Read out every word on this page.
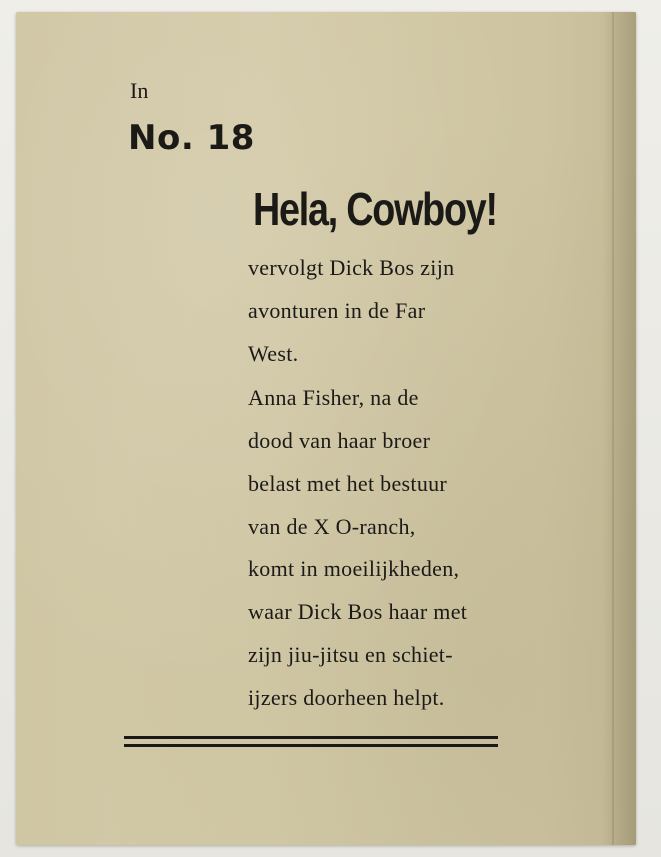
In
No. 18
Hela, Cowboy!
vervolgt Dick Bos zijn
avonturen in de Far
West.
Anna Fisher, na de
dood van haar broer
belast met het bestuur
van de X O-ranch,
komt in moeilijkheden,
waar Dick Bos haar met
zijn jiu-jitsu en schiet-
ijzers doorheen helpt.
